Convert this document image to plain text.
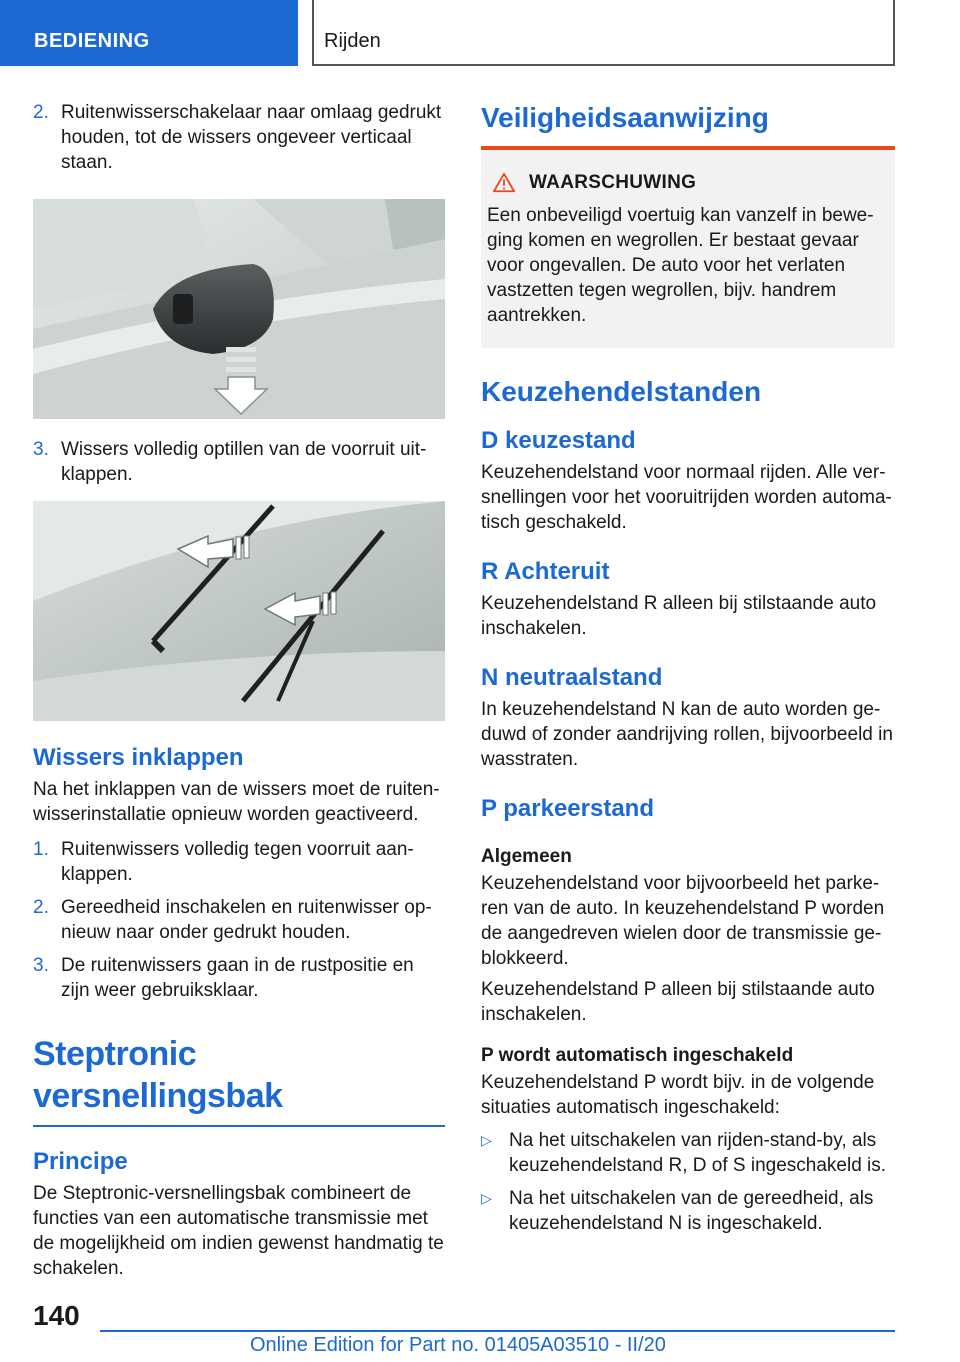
BEDIENING	Rijden
2. Ruitenwisserschakelaar naar omlaag gedrukt houden, tot de wissers ongeveer verticaal staan.
3. Wissers volledig optillen van de voorruit uitklappen.
Wissers inklappen
Na het inklappen van de wissers moet de ruitenwisserinstallatie opnieuw worden geactiveerd.
1. Ruitenwissers volledig tegen voorruit aanklappen.
2. Gereedheid inschakelen en ruitenwisser opnieuw naar onder gedrukt houden.
3. De ruitenwissers gaan in de rustpositie en zijn weer gebruiksklaar.
Steptronic versnellingsbak
Principe
De Steptronic-versnellingsbak combineert de functies van een automatische transmissie met de mogelijkheid om indien gewenst handmatig te schakelen.
Veiligheidsaanwijzing
WAARSCHUWING
Een onbeveiligd voertuig kan vanzelf in beweging komen en wegrollen. Er bestaat gevaar voor ongevallen. De auto voor het verlaten vastzetten tegen wegrollen, bijv. handrem aantrekken.
Keuzehendelstanden
D keuzestand
Keuzehendelstand voor normaal rijden. Alle versnellingen voor het vooruitrijden worden automatisch geschakeld.
R Achteruit
Keuzehendelstand R alleen bij stilstaande auto inschakelen.
N neutraalstand
In keuzehendelstand N kan de auto worden geduwd of zonder aandrijving rollen, bijvoorbeeld in wasstraten.
P parkeerstand
Algemeen
Keuzehendelstand voor bijvoorbeeld het parkeren van de auto. In keuzehendelstand P worden de aangedreven wielen door de transmissie geblokkeerd.
Keuzehendelstand P alleen bij stilstaande auto inschakelen.
P wordt automatisch ingeschakeld
Keuzehendelstand P wordt bijv. in de volgende situaties automatisch ingeschakeld:
▷ Na het uitschakelen van rijden-stand-by, als keuzehendelstand R, D of S ingeschakeld is.
▷ Na het uitschakelen van de gereedheid, als keuzehendelstand N is ingeschakeld.
140
Online Edition for Part no. 01405A03510 - II/20
